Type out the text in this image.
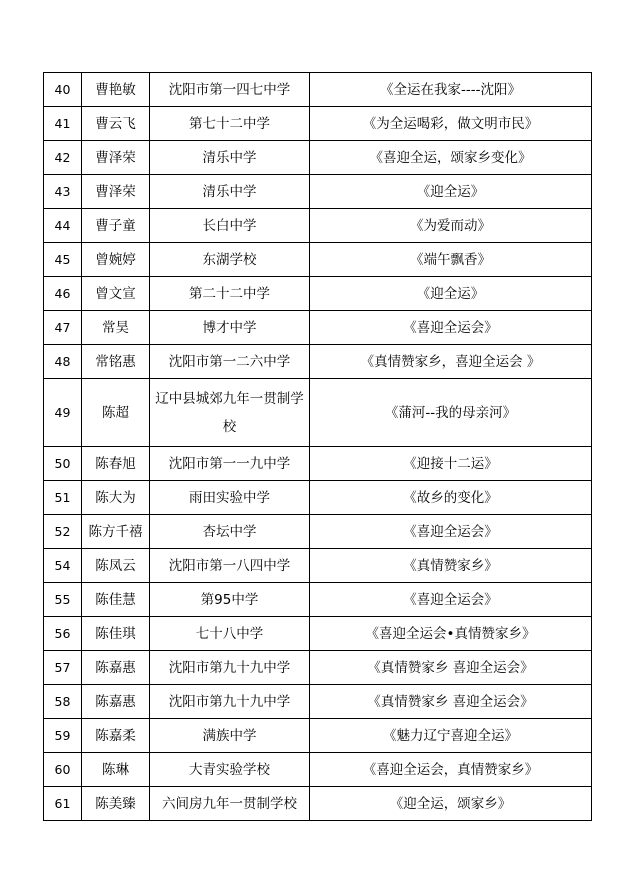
40	曹艳敏	沈阳市第一四七中学	《全运在我家----沈阳》
41	曹云飞	第七十二中学	《为全运喝彩，做文明市民》
42	曹泽荣	清乐中学	《喜迎全运，颂家乡变化》
43	曹泽荣	清乐中学	《迎全运》
44	曹子童	长白中学	《为爱而动》
45	曾婉婷	东湖学校	《端午飘香》
46	曾文宣	第二十二中学	《迎全运》
47	常昊	博才中学	《喜迎全运会》
48	常铭惠	沈阳市第一二六中学	《真情赞家乡，喜迎全运会 》
49	陈超	辽中县城郊九年一贯制学校	《蒲河--我的母亲河》
50	陈春旭	沈阳市第一一九中学	《迎接十二运》
51	陈大为	雨田实验中学	《故乡的变化》
52	陈方千禧	杏坛中学	《喜迎全运会》
54	陈凤云	沈阳市第一八四中学	《真情赞家乡》
55	陈佳慧	第95中学	《喜迎全运会》
56	陈佳琪	七十八中学	《喜迎全运会•真情赞家乡》
57	陈嘉惠	沈阳市第九十九中学	《真情赞家乡 喜迎全运会》
58	陈嘉惠	沈阳市第九十九中学	《真情赞家乡 喜迎全运会》
59	陈嘉柔	满族中学	《魅力辽宁喜迎全运》
60	陈琳	大青实验学校	《喜迎全运会，真情赞家乡》
61	陈美臻	六间房九年一贯制学校	《迎全运，颂家乡》
